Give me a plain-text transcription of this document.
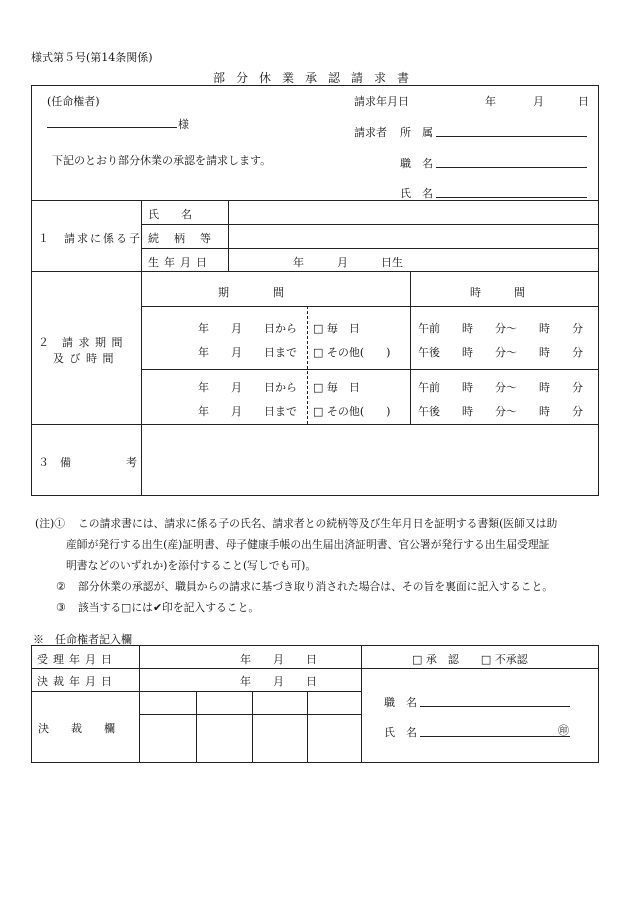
様式第５号(第14条関係)
部分休業承認請求書
(任命権者)
様
下記のとおり部分休業の承認を請求します。
請求年月日	年	月	日
請求者 所　属
職　名
氏　名
１　請求に係る子
氏　　名
続　柄　等
生年月日	年　　　月　　　日生
２　請 求 期 間
及 び 時 間
期　　　　間	時　　　間
年　　月　　日から □ 毎　日	午前　　時　　分〜　　時　　分
年　　月　　日まで □ その他(　　)	午後　　時　　分〜　　時　　分
年　　月　　日から □ 毎　日	午前　　時　　分〜　　時　　分
年　　月　　日まで □ その他(　　)	午後　　時　　分〜　　時　　分
３　備　　　　　考
(注)① この請求書には、請求に係る子の氏名、請求者との続柄等及び生年月日を証明する書類(医師又は助
産師が発行する出生(産)証明書、母子健康手帳の出生届出済証明書、官公署が発行する出生届受理証
明書などのいずれか)を添付すること(写しでも可)。
② 部分休業の承認が、職員からの請求に基づき取り消された場合は、その旨を裏面に記入すること。
③ 該当する□には✔印を記入すること。
※　任命権者記入欄
受理年月日	年　　月　　日
決裁年月日	年　　月　　日
決　　裁　　欄
□ 承　認　　□ 不承認
職　名
氏　名	㊞
